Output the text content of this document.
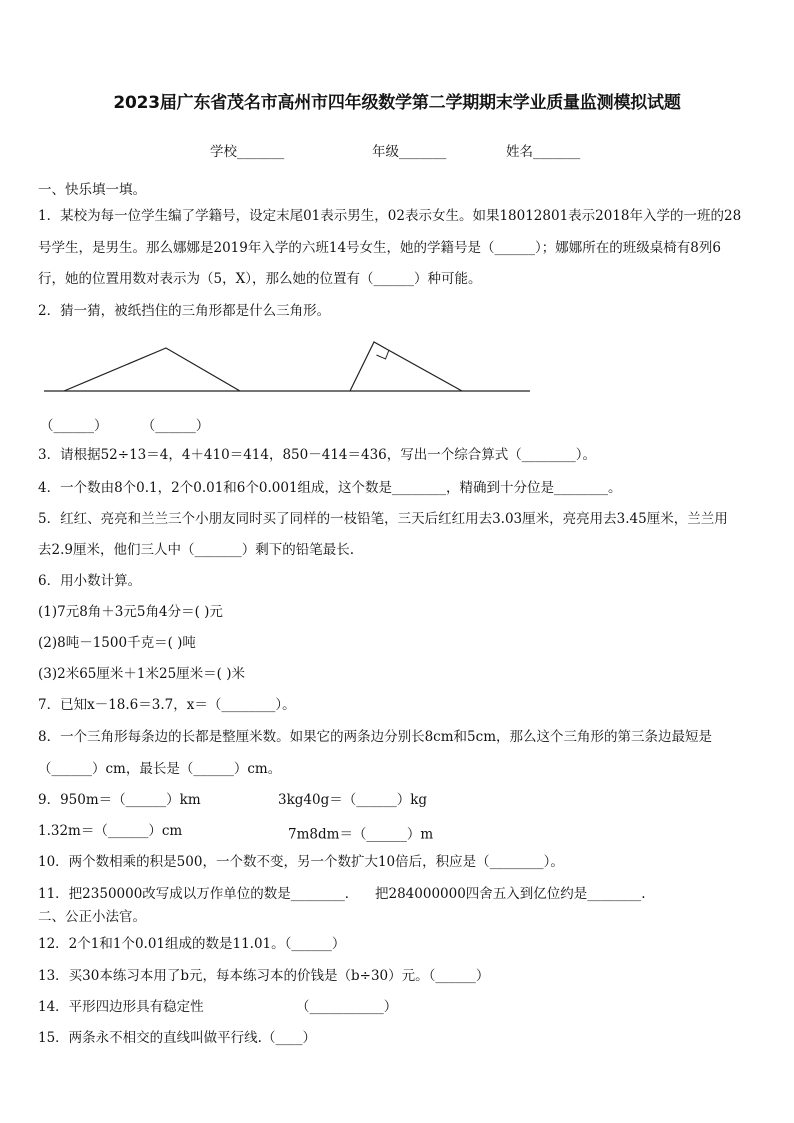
2023届广东省茂名市高州市四年级数学第二学期期末学业质量监测模拟试题
学校_______	年级_______	姓名_______
一、快乐填一填。
1．某校为每一位学生编了学籍号，设定末尾01表示男生，02表示女生。如果18012801表示2018年入学的一班的28
号学生，是男生。那么娜娜是2019年入学的六班14号女生，她的学籍号是（______）；娜娜所在的班级桌椅有8列6
行，她的位置用数对表示为（5，X），那么她的位置有（______）种可能。
2．猜一猜，被纸挡住的三角形都是什么三角形。
（______）	（______）
3．请根据52÷13＝4，4＋410＝414，850－414＝436，写出一个综合算式（________）。
4．一个数由8个0.1，2个0.01和6个0.001组成，这个数是________，精确到十分位是________。
5．红红、亮亮和兰兰三个小朋友同时买了同样的一枝铅笔，三天后红红用去3.03厘米，亮亮用去3.45厘米，兰兰用
去2.9厘米，他们三人中（_______）剩下的铅笔最长.
6．用小数计算。
(1)7元8角＋3元5角4分＝( )元
(2)8吨－1500千克＝( )吨
(3)2米65厘米＋1米25厘米＝( )米
7．已知x－18.6＝3.7，x＝（________）。
8．一个三角形每条边的长都是整厘米数。如果它的两条边分别长8cm和5cm，那么这个三角形的第三条边最短是
（______）cm，最长是（______）cm。
9．950m＝（______）km	3kg40g＝（______）kg
1.32m＝（______）cm	7m8dm＝（______）m
10．两个数相乘的积是500，一个数不变，另一个数扩大10倍后，积应是（________）。
11．把2350000改写成以万作单位的数是________． 把284000000四舍五入到亿位约是________.
二、公正小法官。
12．2个1和1个0.01组成的数是11.01。（______）
13．买30本练习本用了b元，每本练习本的价钱是（b÷30）元。（______）
14．平形四边形具有稳定性	（___________）
15．两条永不相交的直线叫做平行线.（____）
